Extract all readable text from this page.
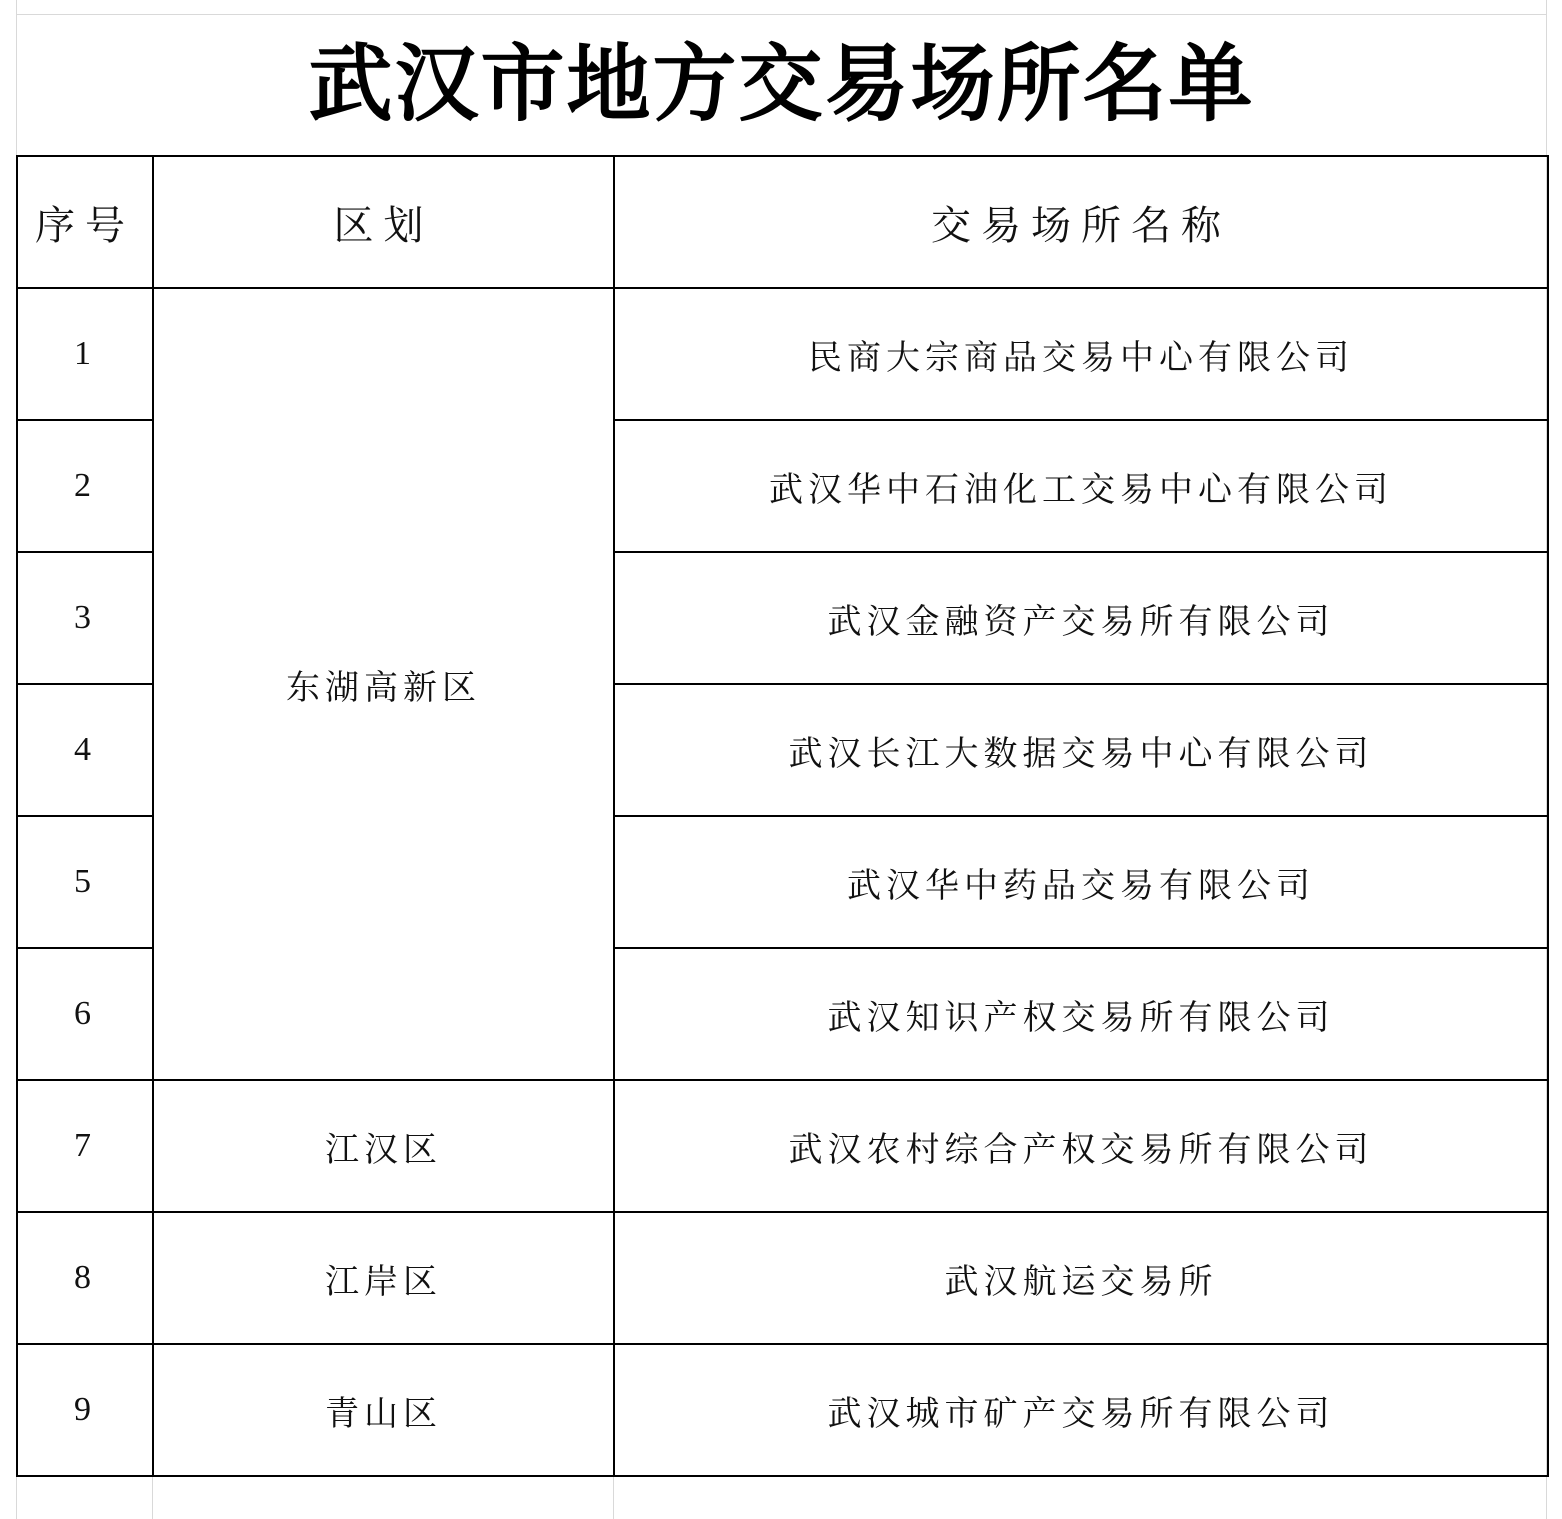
武汉市地方交易场所名单
序号	区划	交易场所名称
1	东湖高新区	民商大宗商品交易中心有限公司
2		武汉华中石油化工交易中心有限公司
3		武汉金融资产交易所有限公司
4		武汉长江大数据交易中心有限公司
5		武汉华中药品交易有限公司
6		武汉知识产权交易所有限公司
7	江汉区	武汉农村综合产权交易所有限公司
8	江岸区	武汉航运交易所
9	青山区	武汉城市矿产交易所有限公司
